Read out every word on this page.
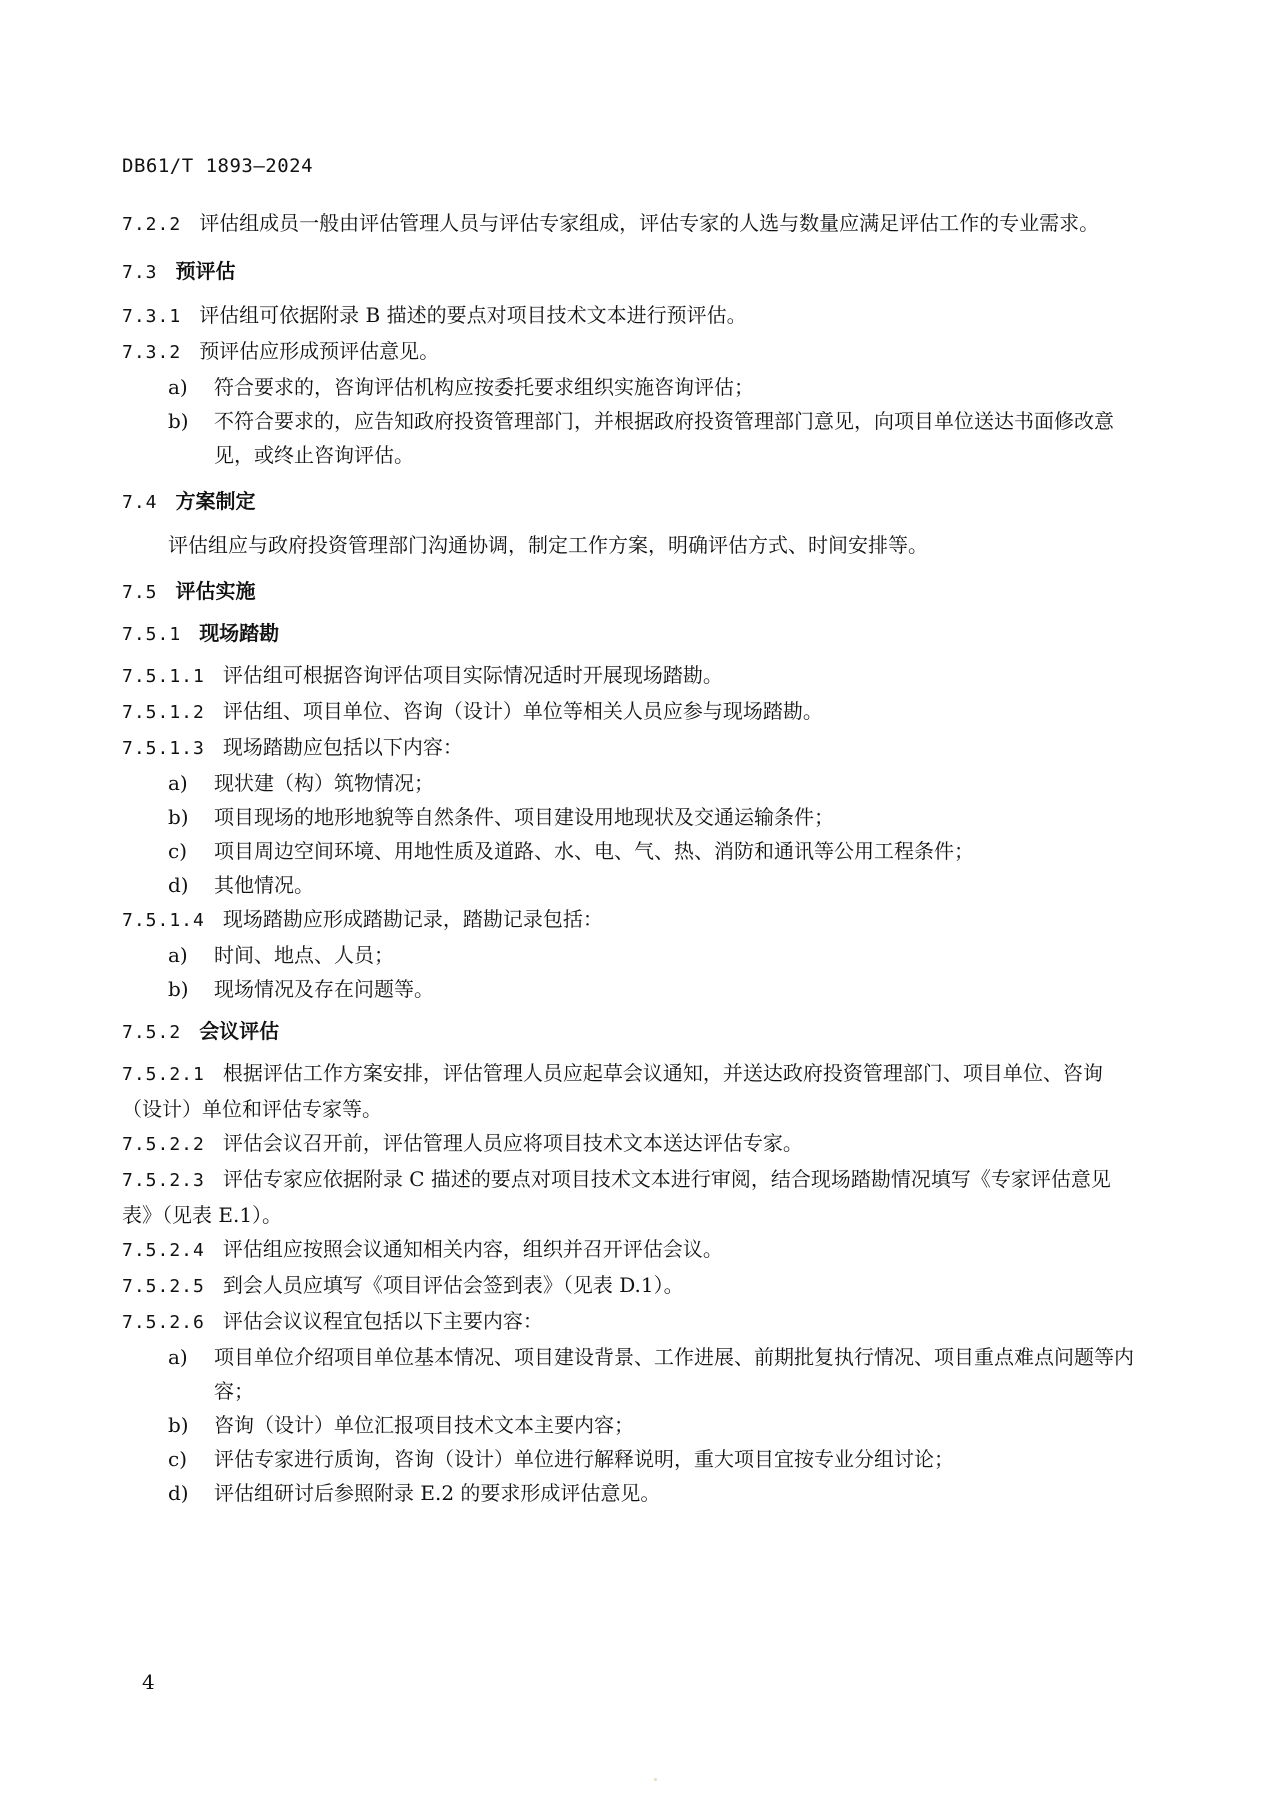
DB61/T 1893—2024
7.2.2 评估组成员一般由评估管理人员与评估专家组成，评估专家的人选与数量应满足评估工作的专业需求。
7.3 预评估
7.3.1 评估组可依据附录 B 描述的要点对项目技术文本进行预评估。
7.3.2 预评估应形成预评估意见。
a)	符合要求的，咨询评估机构应按委托要求组织实施咨询评估；
b)	不符合要求的，应告知政府投资管理部门，并根据政府投资管理部门意见，向项目单位送达书面修改意见，或终止咨询评估。
7.4 方案制定
评估组应与政府投资管理部门沟通协调，制定工作方案，明确评估方式、时间安排等。
7.5 评估实施
7.5.1 现场踏勘
7.5.1.1 评估组可根据咨询评估项目实际情况适时开展现场踏勘。
7.5.1.2 评估组、项目单位、咨询（设计）单位等相关人员应参与现场踏勘。
7.5.1.3 现场踏勘应包括以下内容：
a)	现状建（构）筑物情况；
b)	项目现场的地形地貌等自然条件、项目建设用地现状及交通运输条件；
c)	项目周边空间环境、用地性质及道路、水、电、气、热、消防和通讯等公用工程条件；
d)	其他情况。
7.5.1.4 现场踏勘应形成踏勘记录，踏勘记录包括：
a)	时间、地点、人员；
b)	现场情况及存在问题等。
7.5.2 会议评估
7.5.2.1 根据评估工作方案安排，评估管理人员应起草会议通知，并送达政府投资管理部门、项目单位、咨询（设计）单位和评估专家等。
7.5.2.2 评估会议召开前，评估管理人员应将项目技术文本送达评估专家。
7.5.2.3 评估专家应依据附录 C 描述的要点对项目技术文本进行审阅，结合现场踏勘情况填写《专家评估意见表》（见表 E.1）。
7.5.2.4 评估组应按照会议通知相关内容，组织并召开评估会议。
7.5.2.5 到会人员应填写《项目评估会签到表》（见表 D.1）。
7.5.2.6 评估会议议程宜包括以下主要内容：
a)	项目单位介绍项目单位基本情况、项目建设背景、工作进展、前期批复执行情况、项目重点难点问题等内容；
b)	咨询（设计）单位汇报项目技术文本主要内容；
c)	评估专家进行质询，咨询（设计）单位进行解释说明，重大项目宜按专业分组讨论；
d)	评估组研讨后参照附录 E.2 的要求形成评估意见。
4
